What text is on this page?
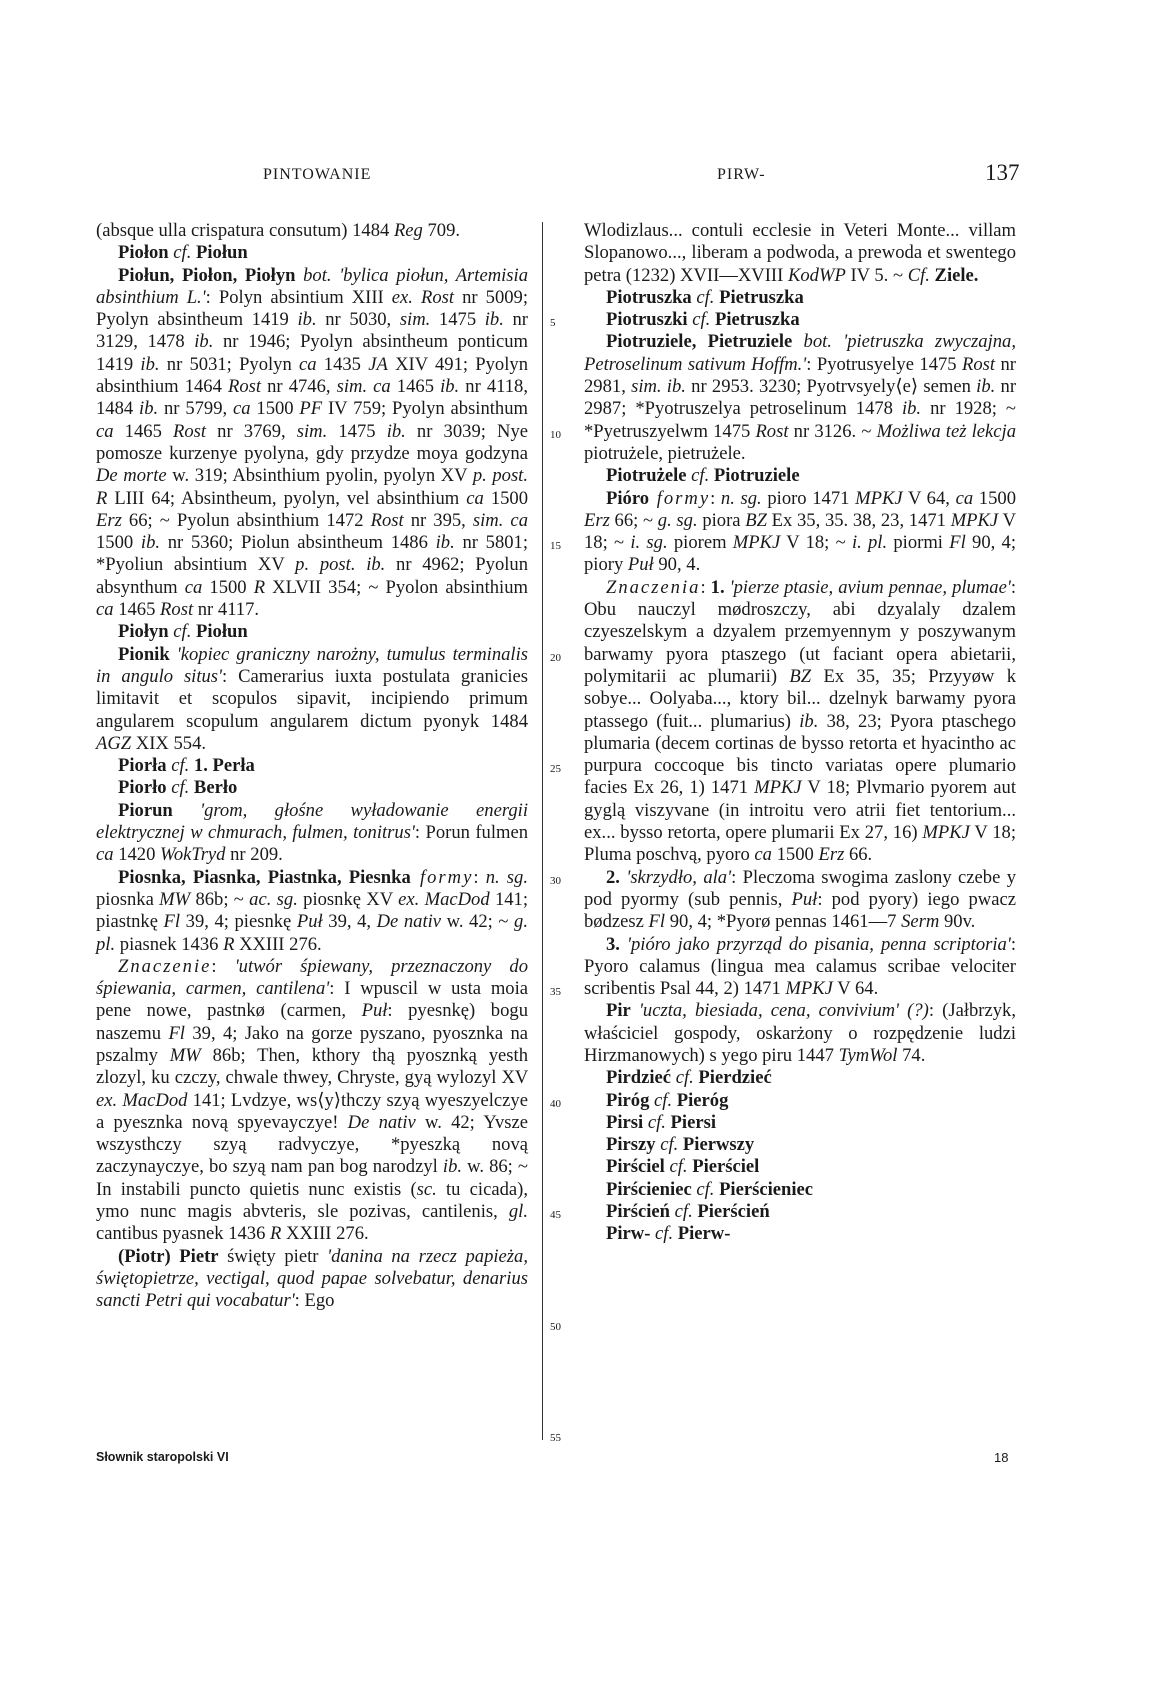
PINTOWANIE	PIRW-	137

(absque ulla crispatura consutum) 1484 Reg 709.

Piołon cf. Piołun

Piołun, Piołon, Piołyn bot. 'bylica piołun, Artemisia absinthium L.': Polyn absintium XIII ex. Rost nr 5009; Pyolyn absintheum 1419 ib. nr 5030, sim. 1475 ib. nr 3129, 1478 ib. nr 1946; Pyolyn absintheum ponticum 1419 ib. nr 5031; Pyolyn ca 1435 JA XIV 491; Pyolyn absinthium 1464 Rost nr 4746, sim. ca 1465 ib. nr 4118, 1484 ib. nr 5799, ca 1500 PF IV 759; Pyolyn absinthum ca 1465 Rost nr 3769, sim. 1475 ib. nr 3039; Nye pomosze kurzenye pyolyna, gdy przydze moya godzyna De morte w. 319; Absinthium pyolin, pyolyn XV p. post. R LIII 64; Absintheum, pyolyn, vel absinthium ca 1500 Erz 66; ~ Pyolun absinthium 1472 Rost nr 395, sim. ca 1500 ib. nr 5360; Piolun absintheum 1486 ib. nr 5801; *Pyoliun absintium XV p. post. ib. nr 4962; Pyolun absynthum ca 1500 R XLVII 354; ~ Pyolon absinthium ca 1465 Rost nr 4117.

Piołyn cf. Piołun

Pionik 'kopiec graniczny narożny, tumulus terminalis in angulo situs': Camerarius iuxta postulata granicies limitavit et scopulos sipavit, incipiendo primum angularem scopulum angularem dictum pyonyk 1484 AGZ XIX 554.

Piorła cf. 1. Perła

Piorło cf. Berło

Piorun 'grom, głośne wyładowanie energii elektrycznej w chmurach, fulmen, tonitrus': Porun fulmen ca 1420 WokTryd nr 209.

Piosnka, Piasnka, Piastnka, Piesnka formy: n. sg. piosnka MW 86b; ~ ac. sg. piosnkę XV ex. MacDod 141; piastnkę Fl 39, 4; piesnkę Puł 39, 4, De nativ w. 42; ~ g. pl. piasnek 1436 R XXIII 276.

Znaczenie: 'utwór śpiewany, przeznaczony do śpiewania, carmen, cantilena': I wpuscil w usta moia pene nowe, pastnkø (carmen, Puł: pyesnkę) bogu naszemu Fl 39, 4; Jako na gorze pyszano, pyosznka na pszalmy MW 86b; Then, kthory thą pyosznką yesth zlozyl, ku czczy, chwale thwey, Chryste, gyą wylozyl XV ex. MacDod 141; Lvdzye, ws⟨y⟩thczy szyą wyeszyelczye a pyesznka novą spyevayczye! De nativ w. 42; Yvsze wszysthczy szyą radvyczye, *pyeszką novą zaczynayczye, bo szyą nam pan bog narodzyl ib. w. 86; ~ In instabili puncto quietis nunc existis (sc. tu cicada), ymo nunc magis abvteris, sle pozivas, cantilenis, gl. cantibus pyasnek 1436 R XXIII 276.

(Piotr) Pietr święty pietr 'danina na rzecz papieża, świętopietrze, vectigal, quod papae solvebatur, denarius sancti Petri qui vocabatur': Ego

5
10
15
20
25
30
35
40
45
50
55

Wlodizlaus... contuli ecclesie in Veteri Monte... villam Slopanowo..., liberam a podwoda, a prewoda et swentego petra (1232) XVII—XVIII KodWP IV 5. ~ Cf. Ziele.

Piotruszka cf. Pietruszka

Piotruszki cf. Pietruszka

Piotruziele, Pietruziele bot. 'pietruszka zwyczajna, Petroselinum sativum Hoffm.': Pyotrusyelye 1475 Rost nr 2981, sim. ib. nr 2953. 3230; Pyotrvsyely⟨e⟩ semen ib. nr 2987; *Pyotruszelya petroselinum 1478 ib. nr 1928; ~ *Pyetruszyelwm 1475 Rost nr 3126. ~ Możliwa też lekcja piotrużele, pietrużele.

Piotrużele cf. Piotruziele

Pióro formy: n. sg. pioro 1471 MPKJ V 64, ca 1500 Erz 66; ~ g. sg. piora BZ Ex 35, 35. 38, 23, 1471 MPKJ V 18; ~ i. sg. piorem MPKJ V 18; ~ i. pl. piormi Fl 90, 4; piory Puł 90, 4.

Znaczenia: 1. 'pierze ptasie, avium pennae, plumae': Obu nauczyl mødroszczy, abi dzyalaly dzalem czyeszelskym a dzyalem przemyennym y poszywanym barwamy pyora ptaszego (ut faciant opera abietarii, polymitarii ac plumarii) BZ Ex 35, 35; Przyyøw k sobye... Oolyaba..., ktory bil... dzelnyk barwamy pyora ptassego (fuit... plumarius) ib. 38, 23; Pyora ptaschego plumaria (decem cortinas de bysso retorta et hyacintho ac purpura coccoque bis tincto variatas opere plumario facies Ex 26, 1) 1471 MPKJ V 18; Plvmario pyorem aut gyglą viszyvane (in introitu vero atrii fiet tentorium... ex... bysso retorta, opere plumarii Ex 27, 16) MPKJ V 18; Pluma poschvą, pyoro ca 1500 Erz 66.

2. 'skrzydło, ala': Pleczoma swogima zaslony czebe y pod pyormy (sub pennis, Puł: pod pyory) iego pwacz bødzesz Fl 90, 4; *Pyorø pennas 1461—7 Serm 90v.

3. 'pióro jako przyrząd do pisania, penna scriptoria': Pyoro calamus (lingua mea calamus scribae velociter scribentis Psal 44, 2) 1471 MPKJ V 64.

Pir 'uczta, biesiada, cena, convivium' (?): (Jałbrzyk, właściciel gospody, oskarżony o rozpędzenie ludzi Hirzmanowych) s yego piru 1447 TymWol 74.

Pirdzieć cf. Pierdzieć

Piróg cf. Pieróg

Pirsi cf. Piersi

Pirszy cf. Pierwszy

Pirściel cf. Pierściel

Pirścieniec cf. Pierścieniec

Pirścień cf. Pierścień

Pirw- cf. Pierw-

Słownik staropolski VI	18
